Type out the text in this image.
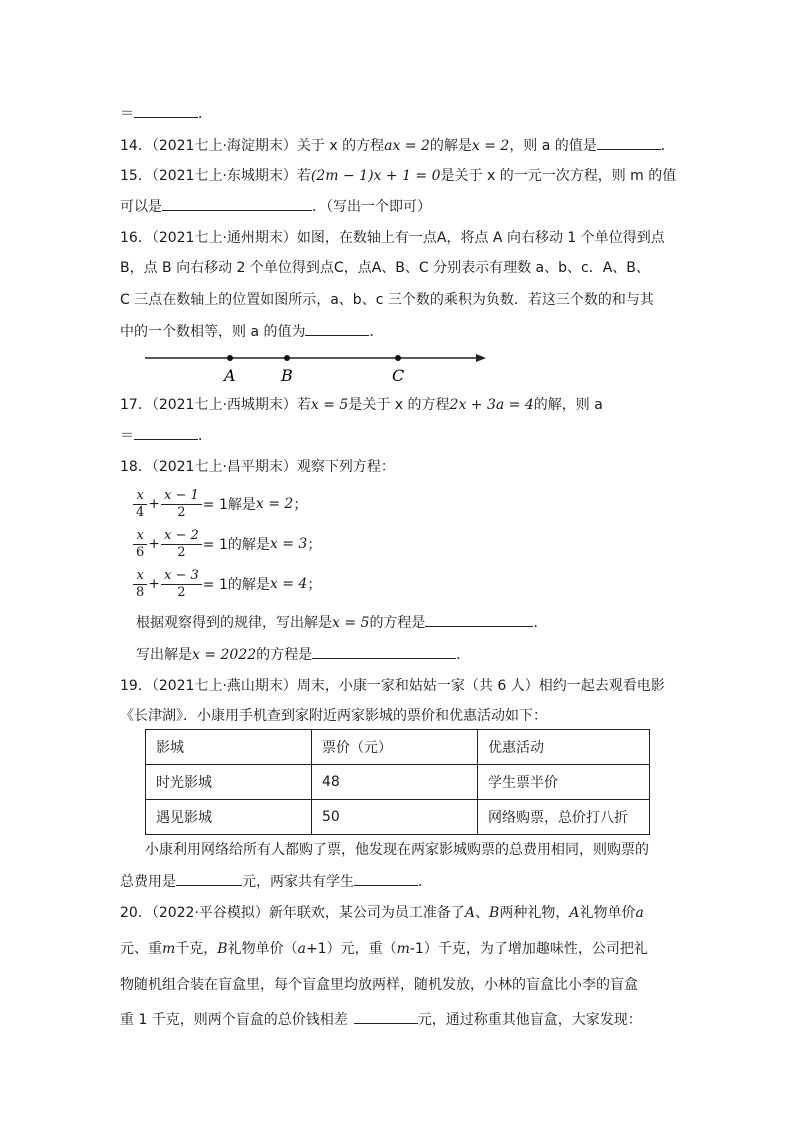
＝	．
14．（2021七上·海淀期末）关于 x 的方程ax = 2的解是x = 2，则 a 的值是	．
15．（2021七上·东城期末）若(2m − 1)x + 1 = 0是关于 x 的一元一次方程，则 m 的值
可以是	．（写出一个即可）
16．（2021七上·通州期末）如图，在数轴上有一点A，将点 A 向右移动 1 个单位得到点
B，点 B 向右移动 2 个单位得到点C，点A、B、C 分别表示有理数 a、b、c．A、B、
C 三点在数轴上的位置如图所示，a、b、c 三个数的乘积为负数．若这三个数的和与其
中的一个数相等，则 a 的值为	．
A	B	C
17．（2021七上·西城期末）若x = 5是关于 x 的方程2x + 3a = 4的解，则 a
＝	．
18．（2021七上·昌平期末）观察下列方程：
$\frac{x}{4} + \frac{x - 1}{2} = 1$解是 x = 2 ；
$\frac{x}{6} + \frac{x - 2}{2} = 1$的解是 x = 3 ；
$\frac{x}{8} + \frac{x - 3}{2} = 1$的解是 x = 4 ；
根据观察得到的规律，写出解是x = 5的方程是	．
写出解是x = 2022的方程是	．
19．（2021七上·燕山期末）周末，小康一家和姑姑一家（共 6 人）相约一起去观看电影
《长津湖》．小康用手机查到家附近两家影城的票价和优惠活动如下：
影城	票价（元）	优惠活动
时光影城	48	学生票半价
遇见影城	50	网络购票，总价打八折
小康利用网络给所有人都购了票，他发现在两家影城购票的总费用相同，则购票的
总费用是	元，两家共有学生	．
20．（2022·平谷模拟）新年联欢，某公司为员工准备了A、B两种礼物，A礼物单价a
元、重m千克，B礼物单价（a+1）元，重（m-1）千克，为了增加趣味性，公司把礼
物随机组合装在盲盒里，每个盲盒里均放两样，随机发放，小林的盲盒比小李的盲盒
重 1 千克，则两个盲盒的总价钱相差	元，通过称重其他盲盒，大家发现：
